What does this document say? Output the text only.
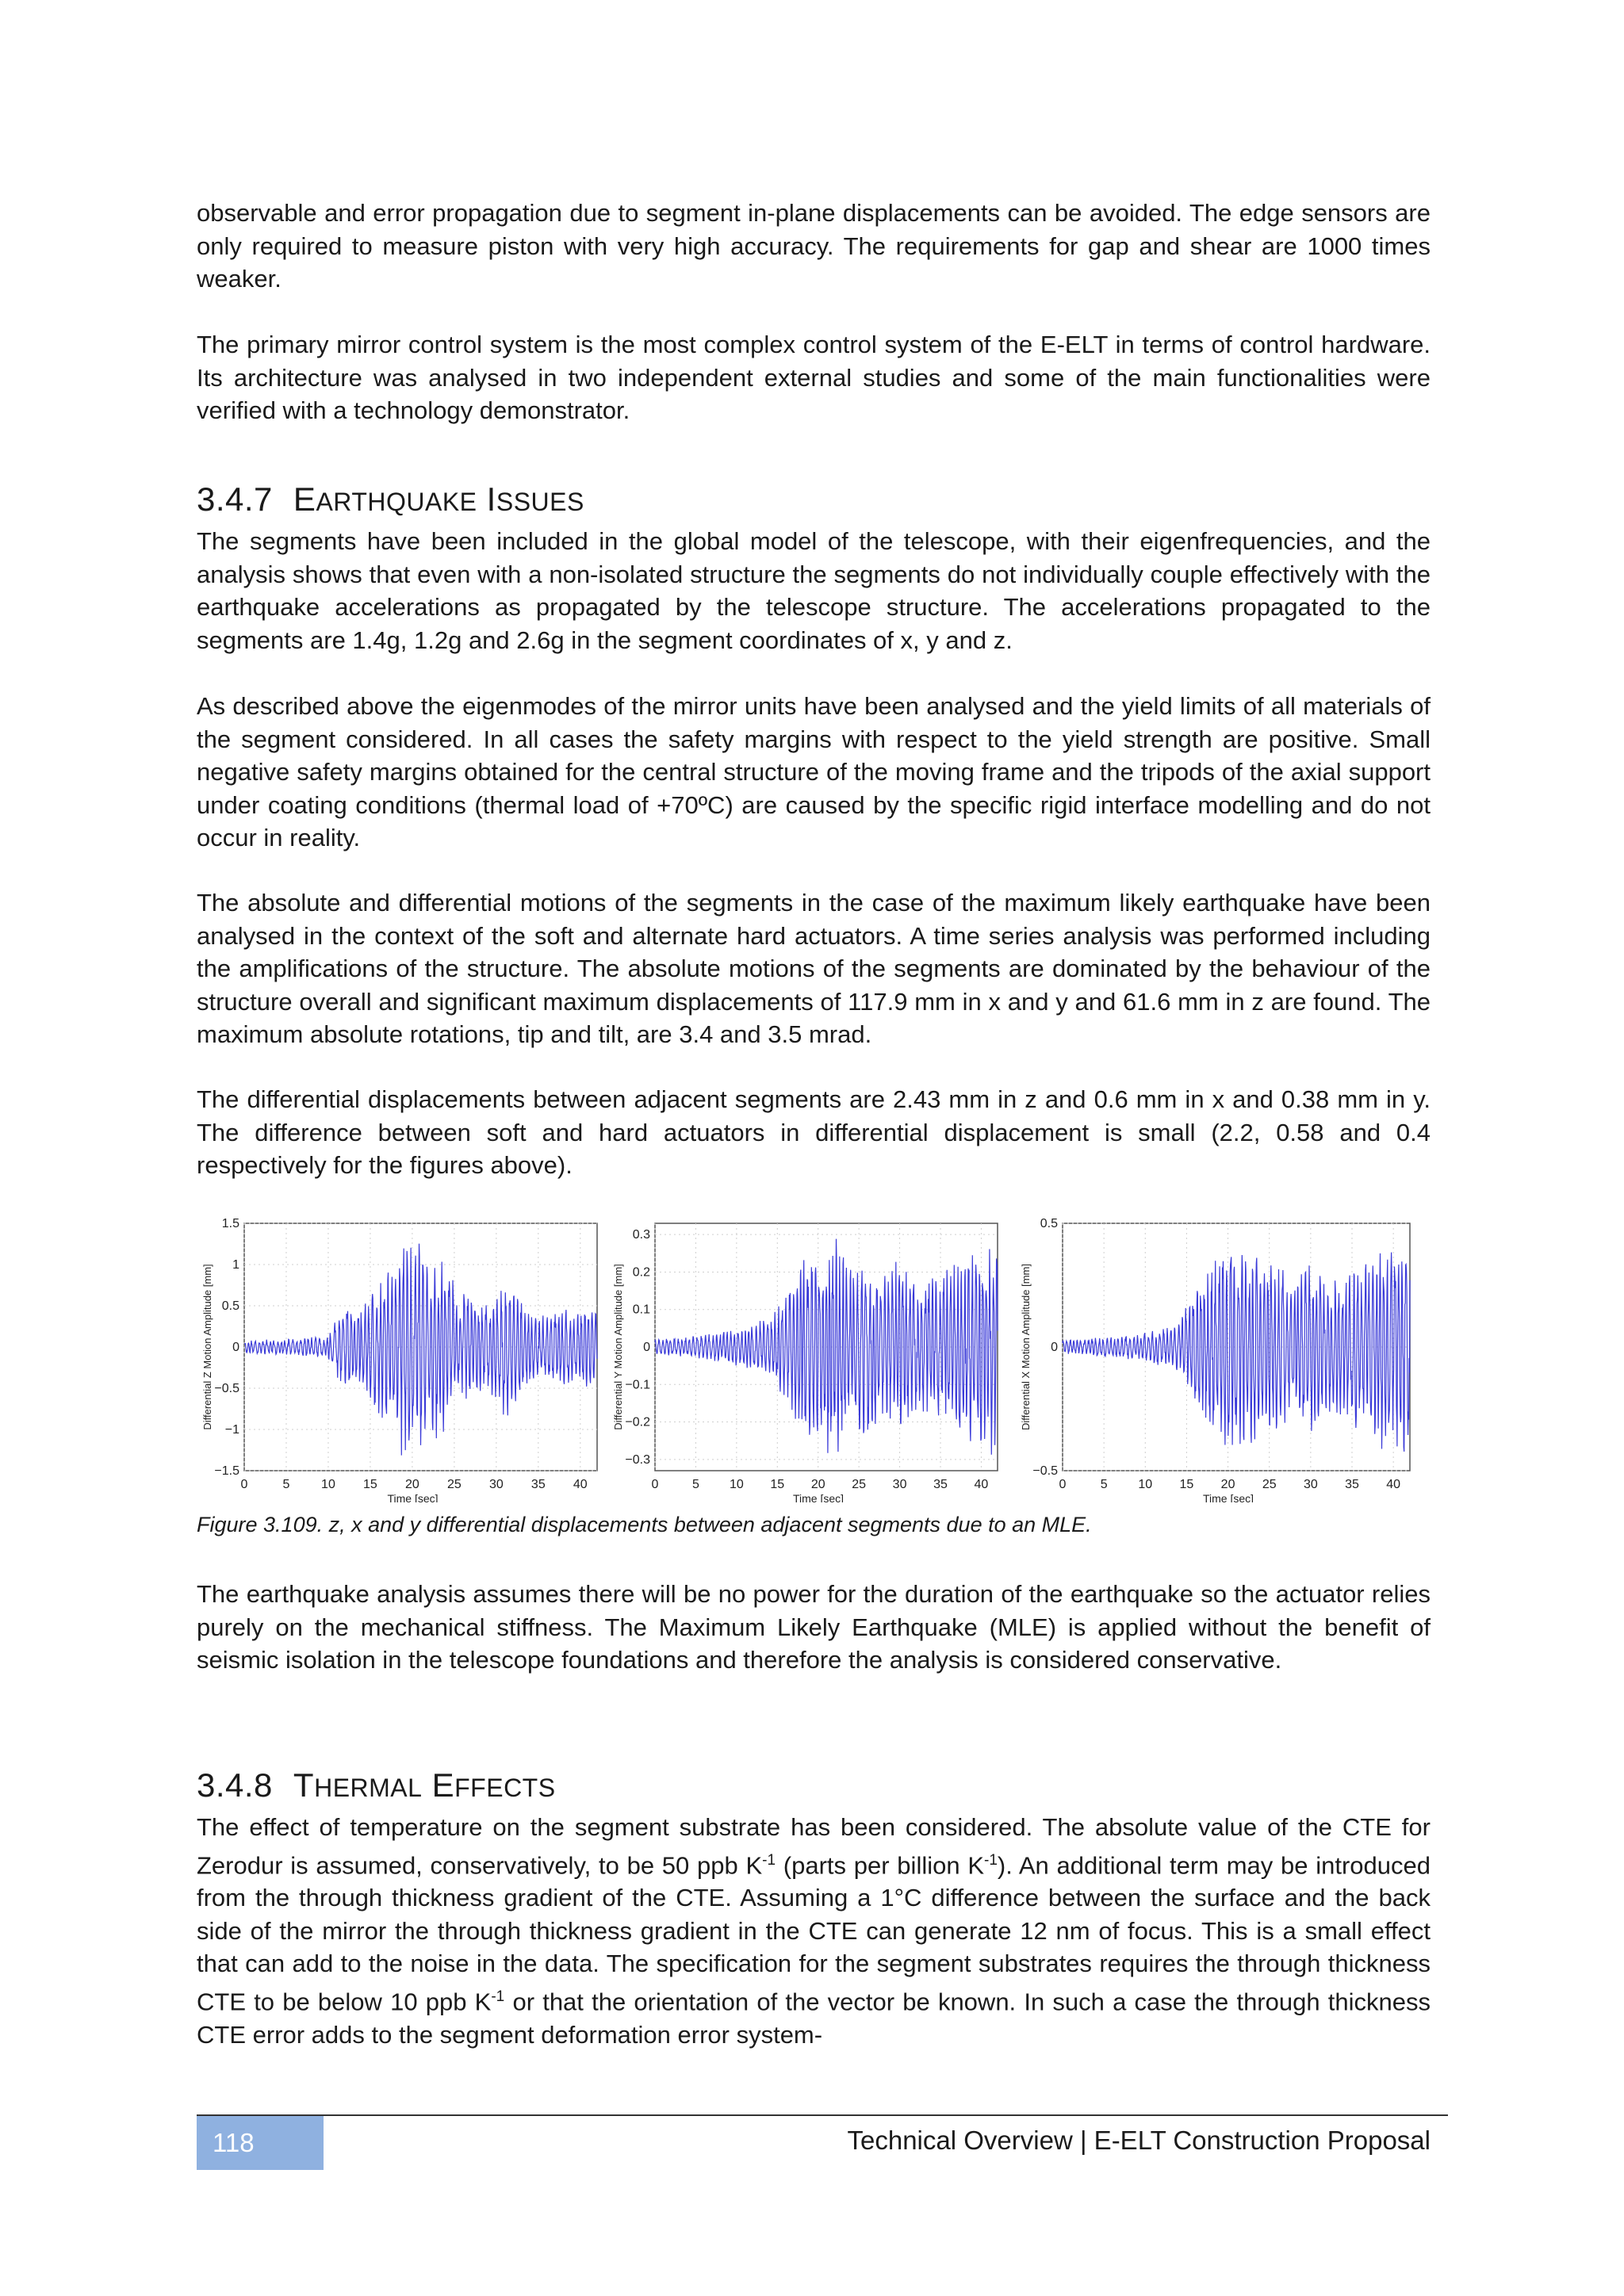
observable and error propagation due to segment in-plane displacements can be avoided. The edge sensors are only required to measure piston with very high accuracy. The requirements for gap and shear are 1000 times weaker.

The primary mirror control system is the most complex control system of the E-ELT in terms of control hardware. Its architecture was analysed in two independent external studies and some of the main functionalities were verified with a technology demonstrator.

3.4.7 EARTHQUAKE ISSUES

The segments have been included in the global model of the telescope, with their eigenfrequencies, and the analysis shows that even with a non-isolated structure the segments do not individually couple effectively with the earthquake accelerations as propagated by the telescope structure. The accelerations propagated to the segments are 1.4g, 1.2g and 2.6g in the segment coordinates of x, y and z.

As described above the eigenmodes of the mirror units have been analysed and the yield limits of all materials of the segment considered. In all cases the safety margins with respect to the yield strength are positive. Small negative safety margins obtained for the central structure of the moving frame and the tripods of the axial support under coating conditions (thermal load of +70ºC) are caused by the specific rigid interface modelling and do not occur in reality.

The absolute and differential motions of the segments in the case of the maximum likely earthquake have been analysed in the context of the soft and alternate hard actuators. A time series analysis was performed including the amplifications of the structure. The absolute motions of the segments are dominated by the behaviour of the structure overall and significant maximum displacements of 117.9 mm in x and y and 61.6 mm in z are found. The maximum absolute rotations, tip and tilt, are 3.4 and 3.5 mrad.

The differential displacements between adjacent segments are 2.43 mm in z and 0.6 mm in x and 0.38 mm in y. The difference between soft and hard actuators in differential displacement is small (2.2, 0.58 and 0.4 respectively for the figures above).

0	5 10 15 20 25 30 35 40
1.5
1
0.5
0
−0.5
−1
−1.5
Time [sec]
Differential Z Motion Amplitude [mm]
0	5 10 15 20 25 30 35 40
0.3
0.2
0.1
0
−0.1
−0.2
−0.3
Time [sec]
Differential Y Motion Amplitude [mm]
0	5 10 15 20 25 30 35 40
0.5
0
−0.5
Time [sec]
Differential X Motion Amplitude [mm]

Figure 3.109. z, x and y differential displacements between adjacent segments due to an MLE.

The earthquake analysis assumes there will be no power for the duration of the earthquake so the actuator relies purely on the mechanical stiffness. The Maximum Likely Earthquake (MLE) is applied without the benefit of seismic isolation in the telescope foundations and therefore the analysis is considered conservative.

3.4.8 THERMAL EFFECTS

The effect of temperature on the segment substrate has been considered. The absolute value of the CTE for Zerodur is assumed, conservatively, to be 50 ppb $K^{-1}$ (parts per billion $K^{-1}$). An additional term may be introduced from the through thickness gradient of the CTE. Assuming a 1°C difference between the surface and the back side of the mirror the through thickness gradient in the CTE can generate 12 nm of focus. This is a small effect that can add to the noise in the data. The specification for the segment substrates requires the through thickness CTE to be below 10 ppb $K^{-1}$ or that the orientation of the vector be known. In such a case the through thickness CTE error adds to the segment deformation error system-

118	Technical Overview | E-ELT Construction Proposal
